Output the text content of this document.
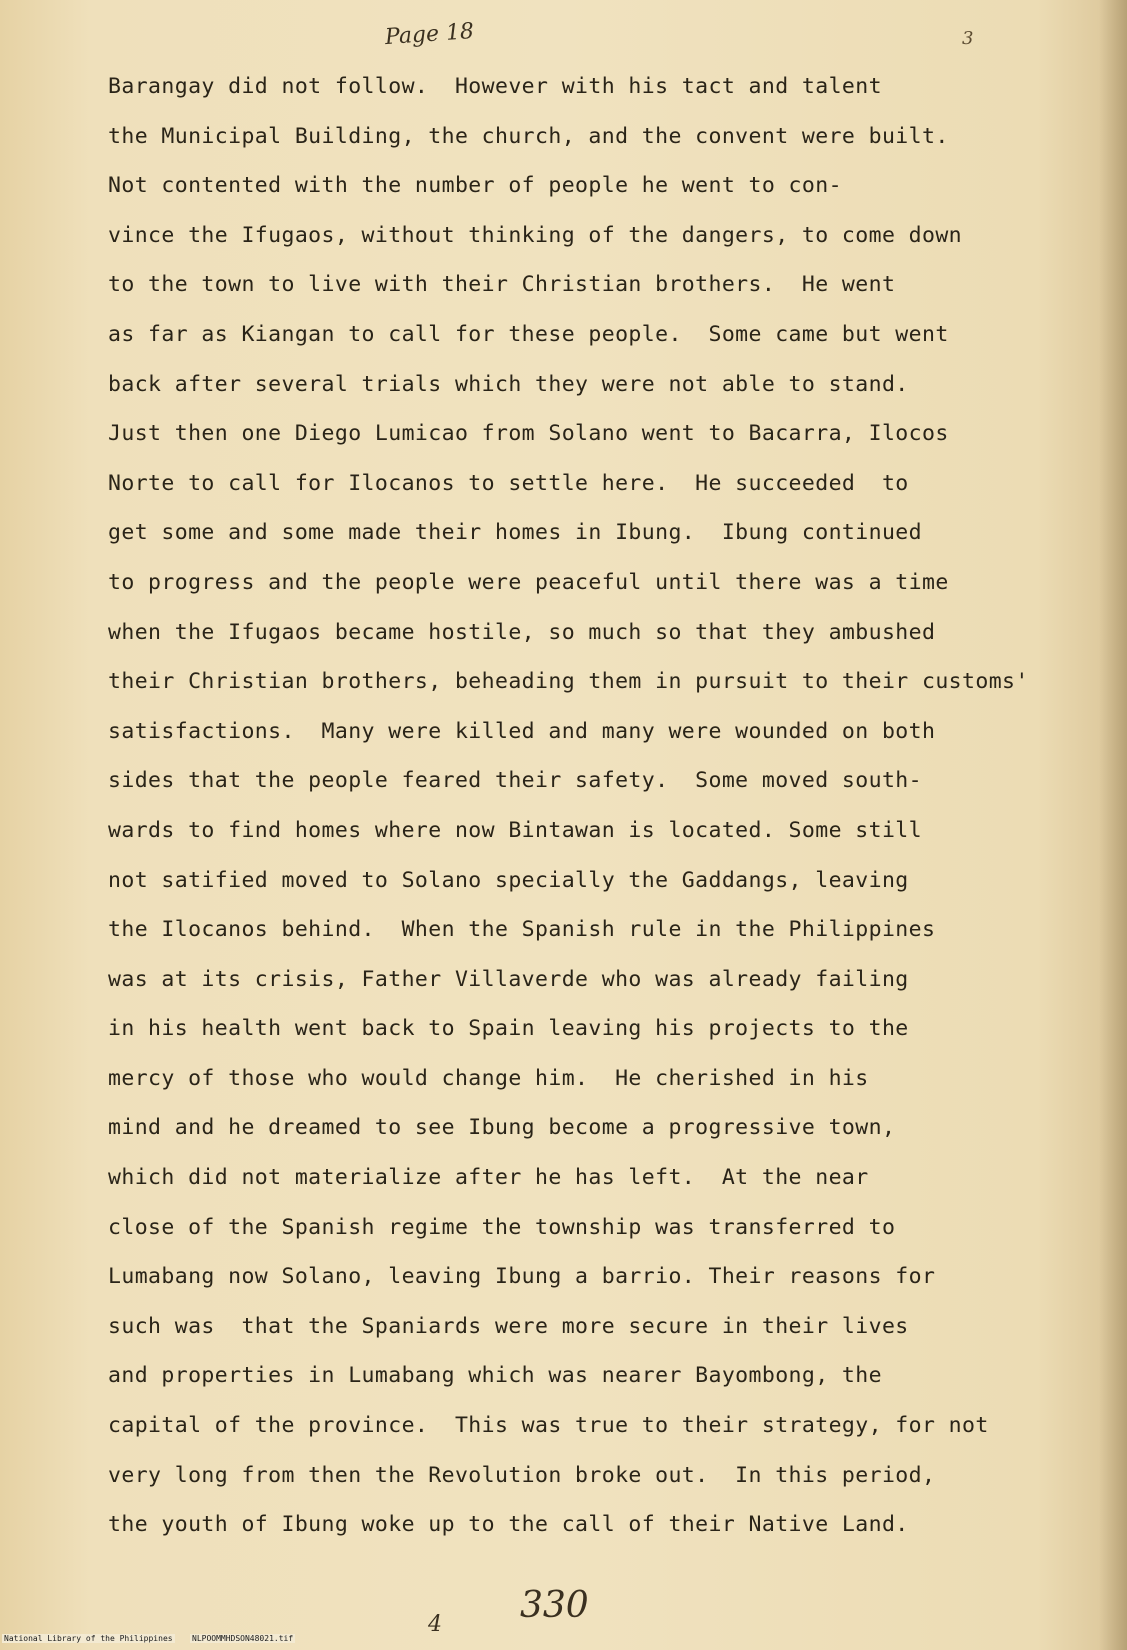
Page 18	3
Barangay did not follow.  However with his tact and talent
the Municipal Building, the church, and the convent were built.
Not contented with the number of people he went to con-
vince the Ifugaos, without thinking of the dangers, to come down
to the town to live with their Christian brothers.  He went
as far as Kiangan to call for these people.  Some came but went
back after several trials which they were not able to stand.
Just then one Diego Lumicao from Solano went to Bacarra, Ilocos
Norte to call for Ilocanos to settle here.  He succeeded  to
get some and some made their homes in Ibung.  Ibung continued
to progress and the people were peaceful until there was a time
when the Ifugaos became hostile, so much so that they ambushed
their Christian brothers, beheading them in pursuit to their customs'
satisfactions.  Many were killed and many were wounded on both
sides that the people feared their safety.  Some moved south-
wards to find homes where now Bintawan is located. Some still
not satified moved to Solano specially the Gaddangs, leaving
the Ilocanos behind.  When the Spanish rule in the Philippines
was at its crisis, Father Villaverde who was already failing
in his health went back to Spain leaving his projects to the
mercy of those who would change him.  He cherished in his
mind and he dreamed to see Ibung become a progressive town,
which did not materialize after he has left.  At the near
close of the Spanish regime the township was transferred to
Lumabang now Solano, leaving Ibung a barrio. Their reasons for
such was  that the Spaniards were more secure in their lives
and properties in Lumabang which was nearer Bayombong, the
capital of the province.  This was true to their strategy, for not
very long from then the Revolution broke out.  In this period,
the youth of Ibung woke up to the call of their Native Land.
330
4
National Library of the Philippines NLPOOMMHDSON48021.tif
